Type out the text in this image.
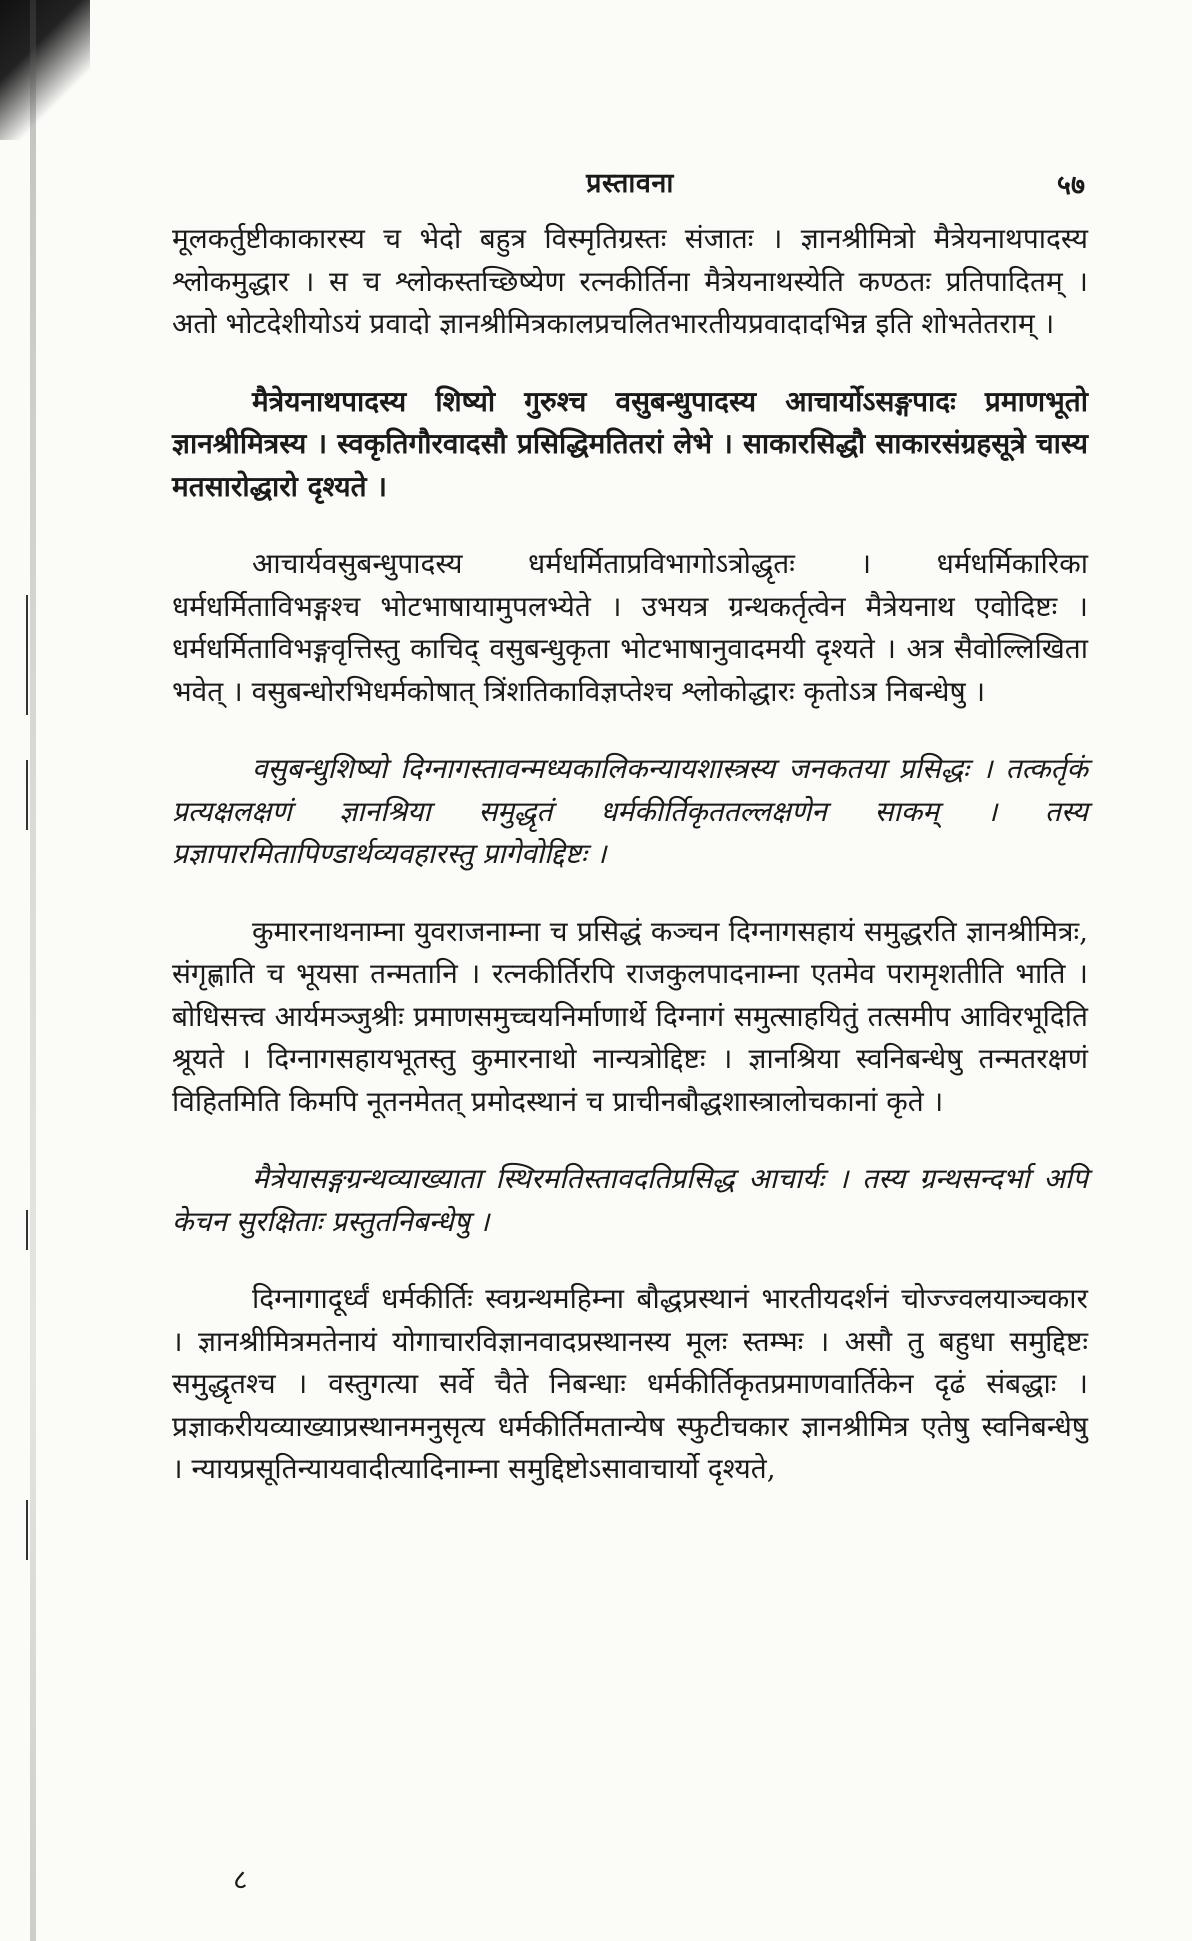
प्रस्तावना	५७

मूलकर्तुष्टीकाकारस्य च भेदो बहुत्र विस्मृतिग्रस्तः संजातः । ज्ञानश्रीमित्रो मैत्रेयनाथपादस्य श्लोकमुद्धार । स च श्लोकस्तच्छिष्येण रत्नकीर्तिना मैत्रेयनाथस्येति कण्ठतः प्रतिपादितम् । अतो भोटदेशीयोऽयं प्रवादो ज्ञानश्रीमित्रकालप्रचलितभारतीयप्रवादादभिन्न इति शोभतेतराम् ।

मैत्रेयनाथपादस्य शिष्यो गुरुश्च वसुबन्धुपादस्य आचार्योऽसङ्गपादः प्रमाणभूतो ज्ञानश्रीमित्रस्य । स्वकृतिगौरवादसौ प्रसिद्धिमतितरां लेभे । साकारसिद्धौ साकारसंग्रहसूत्रे चास्य मतसारोद्धारो दृश्यते ।

आचार्यवसुबन्धुपादस्य धर्मधर्मिताप्रविभागोऽत्रोद्धृतः । धर्मधर्मिकारिका धर्मधर्मिताविभङ्गश्च भोटभाषायामुपलभ्येते । उभयत्र ग्रन्थकर्तृत्वेन मैत्रेयनाथ एवोदिष्टः । धर्मधर्मिताविभङ्गवृत्तिस्तु काचिद् वसुबन्धुकृता भोटभाषानुवादमयी दृश्यते । अत्र सैवोल्लिखिता भवेत् । वसुबन्धोरभिधर्मकोषात् त्रिंशतिकाविज्ञप्तेश्च श्लोकोद्धारः कृतोऽत्र निबन्धेषु ।

वसुबन्धुशिष्यो दिग्नागस्तावन्मध्यकालिकन्यायशास्त्रस्य जनकतया प्रसिद्धः । तत्कर्तृकं प्रत्यक्षलक्षणं ज्ञानश्रिया समुद्धृतं धर्मकीर्तिकृततल्लक्षणेन साकम् । तस्य प्रज्ञापारमितापिण्डार्थव्यवहारस्तु प्रागेवोद्दिष्टः ।

कुमारनाथनाम्ना युवराजनाम्ना च प्रसिद्धं कञ्चन दिग्नागसहायं समुद्धरति ज्ञानश्रीमित्रः, संगृह्णाति च भूयसा तन्मतानि । रत्नकीर्तिरपि राजकुलपादनाम्ना एतमेव परामृशतीति भाति । बोधिसत्त्व आर्यमञ्जुश्रीः प्रमाणसमुच्चयनिर्माणार्थे दिग्नागं समुत्साहयितुं तत्समीप आविरभूदिति श्रूयते । दिग्नागसहायभूतस्तु कुमारनाथो नान्यत्रोद्दिष्टः । ज्ञानश्रिया स्वनिबन्धेषु तन्मतरक्षणं विहितमिति किमपि नूतनमेतत् प्रमोदस्थानं च प्राचीनबौद्धशास्त्रालोचकानां कृते ।

मैत्रेयासङ्गग्रन्थव्याख्याता स्थिरमतिस्तावदतिप्रसिद्ध आचार्यः । तस्य ग्रन्थसन्दर्भा अपि केचन सुरक्षिताः प्रस्तुतनिबन्धेषु ।

दिग्नागादूर्ध्वं धर्मकीर्तिः स्वग्रन्थमहिम्ना बौद्धप्रस्थानं भारतीयदर्शनं चोज्ज्वलयाञ्चकार । ज्ञानश्रीमित्रमतेनायं योगाचारविज्ञानवादप्रस्थानस्य मूलः स्तम्भः । असौ तु बहुधा समुद्दिष्टः समुद्धृतश्च । वस्तुगत्या सर्वे चैते निबन्धाः धर्मकीर्तिकृतप्रमाणवार्तिकेन दृढं संबद्धाः । प्रज्ञाकरीयव्याख्याप्रस्थानमनुसृत्य धर्मकीर्तिमतान्येष स्फुटीचकार ज्ञानश्रीमित्र एतेषु स्वनिबन्धेषु । न्यायप्रसूतिन्यायवादीत्यादिनाम्ना समुद्दिष्टोऽसावाचार्यो दृश्यते,

८
